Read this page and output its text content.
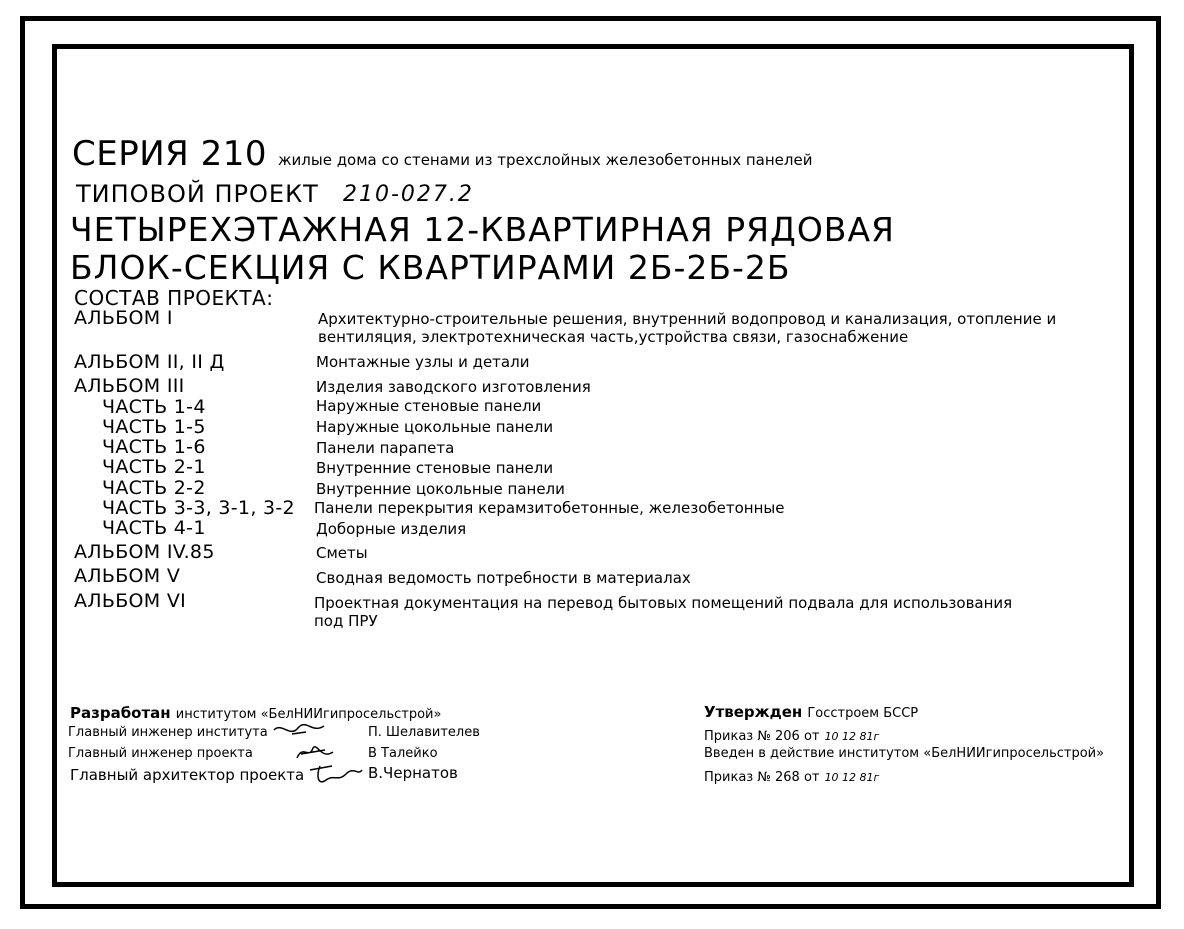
СЕРИЯ 210 жилые дома со стенами из трехслойных железобетонных панелей
ТИПОВОЙ ПРОЕКТ 210-027.2
ЧЕТЫРЕХЭТАЖНАЯ 12-КВАРТИРНАЯ РЯДОВАЯ
БЛОК-СЕКЦИЯ С КВАРТИРАМИ 2Б-2Б-2Б
СОСТАВ ПРОЕКТА:
АЛЬБОМ I
АЛЬБОМ II, II Д
АЛЬБОМ III
ЧАСТЬ 1-4
ЧАСТЬ 1-5
ЧАСТЬ 1-6
ЧАСТЬ 2-1
ЧАСТЬ 2-2
ЧАСТЬ 3-3, 3-1, 3-2
ЧАСТЬ 4-1
АЛЬБОМ IV.85
АЛЬБОМ V
АЛЬБОМ VI
Архитектурно-строительные решения, внутренний водопровод и канализация, отопление и
вентиляция, электротехническая часть,устройства связи, газоснабжение
Монтажные узлы и детали
Изделия заводского изготовления
Наружные стеновые панели
Наружные цокольные панели
Панели парапета
Внутренние стеновые панели
Внутренние цокольные панели
Панели перекрытия керамзитобетонные, железобетонные
Доборные изделия
Сметы
Сводная ведомость потребности в материалах
Проектная документация на перевод бытовых помещений подвала для использования
под ПРУ
Разработан институтом «БелНИИгипросельстрой»
Главный инженер института
Главный инженер проекта
Главный архитектор проекта
П. Шелавителев
В Талейко
В.Чернатов
Утвержден Госстроем БССР
Приказ № 206 от 10 12 81г
Введен в действие институтом «БелНИИгипросельстрой»
Приказ № 268 от 10 12 81г
